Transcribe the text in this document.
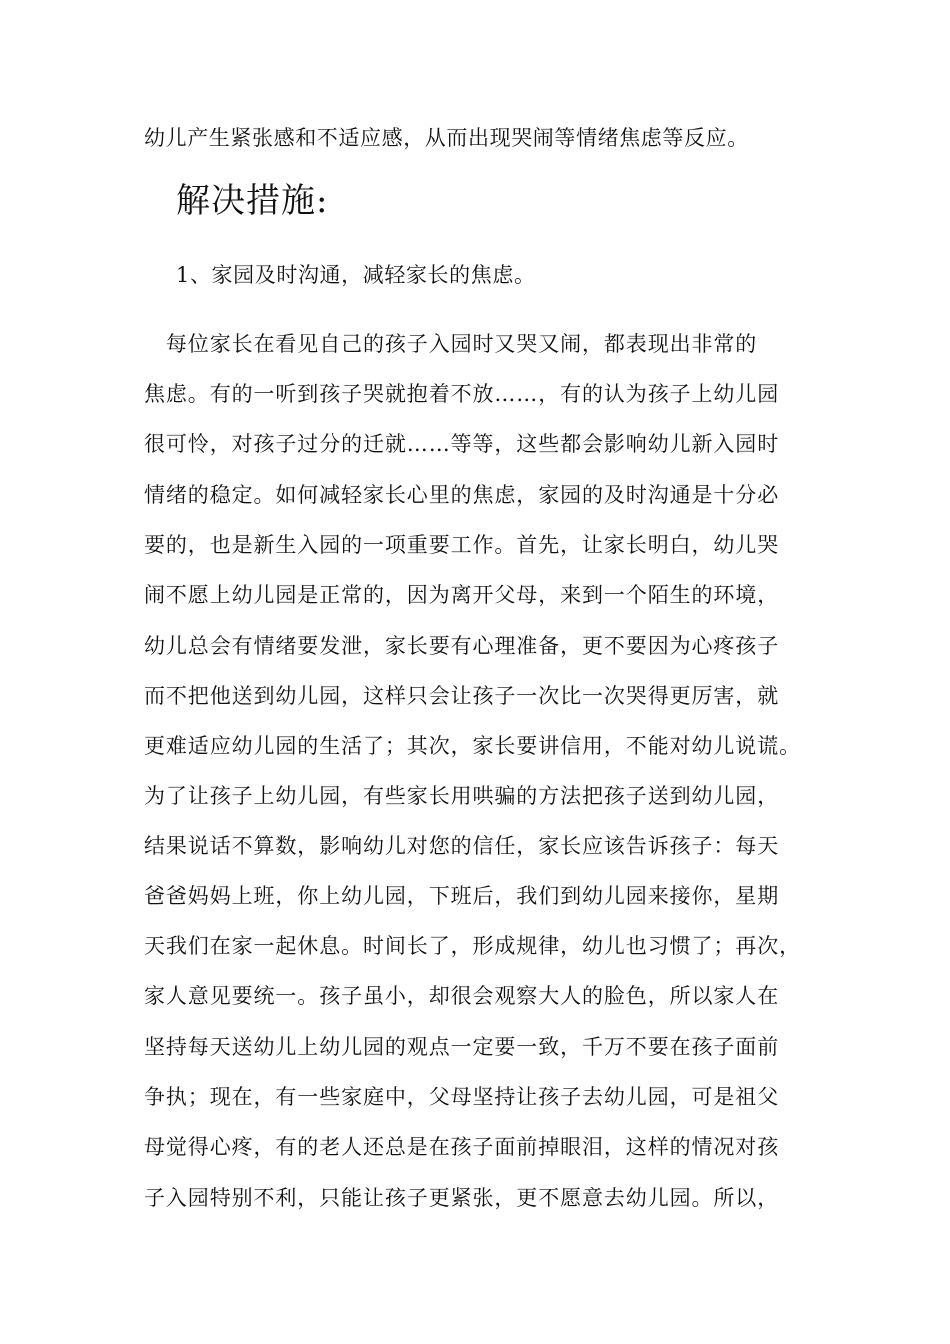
幼儿产生紧张感和不适应感，从而出现哭闹等情绪焦虑等反应。
解决措施:
1、家园及时沟通，减轻家长的焦虑。
　每位家长在看见自己的孩子入园时又哭又闹，都表现出非常的
焦虑。有的一听到孩子哭就抱着不放……，有的认为孩子上幼儿园
很可怜，对孩子过分的迁就……等等，这些都会影响幼儿新入园时
情绪的稳定。如何减轻家长心里的焦虑，家园的及时沟通是十分必
要的，也是新生入园的一项重要工作。首先，让家长明白，幼儿哭
闹不愿上幼儿园是正常的，因为离开父母，来到一个陌生的环境，
幼儿总会有情绪要发泄，家长要有心理准备，更不要因为心疼孩子
而不把他送到幼儿园，这样只会让孩子一次比一次哭得更厉害，就
更难适应幼儿园的生活了；其次，家长要讲信用，不能对幼儿说谎。
为了让孩子上幼儿园，有些家长用哄骗的方法把孩子送到幼儿园，
结果说话不算数，影响幼儿对您的信任，家长应该告诉孩子：每天
爸爸妈妈上班，你上幼儿园，下班后，我们到幼儿园来接你，星期
天我们在家一起休息。时间长了，形成规律，幼儿也习惯了；再次，
家人意见要统一。孩子虽小，却很会观察大人的脸色，所以家人在
坚持每天送幼儿上幼儿园的观点一定要一致，千万不要在孩子面前
争执；现在，有一些家庭中，父母坚持让孩子去幼儿园，可是祖父
母觉得心疼，有的老人还总是在孩子面前掉眼泪，这样的情况对孩
子入园特别不利，只能让孩子更紧张，更不愿意去幼儿园。所以，
